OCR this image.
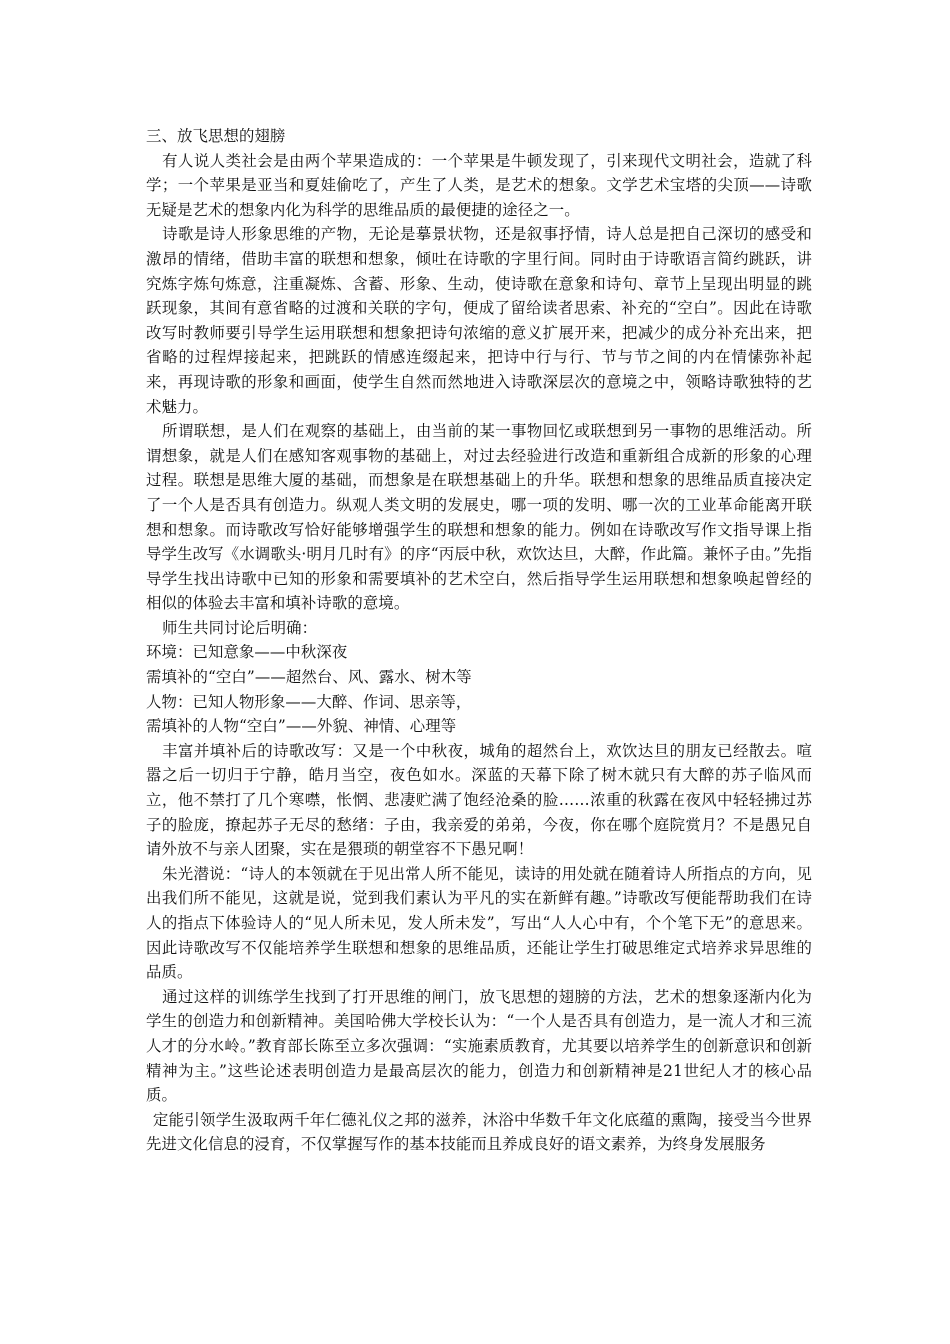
三、放飞思想的翅膀

有人说人类社会是由两个苹果造成的：一个苹果是牛顿发现了，引来现代文明社会，造就了科学；一个苹果是亚当和夏娃偷吃了，产生了人类，是艺术的想象。文学艺术宝塔的尖顶——诗歌无疑是艺术的想象内化为科学的思维品质的最便捷的途径之一。

诗歌是诗人形象思维的产物，无论是摹景状物，还是叙事抒情，诗人总是把自己深切的感受和激昂的情绪，借助丰富的联想和想象，倾吐在诗歌的字里行间。同时由于诗歌语言简约跳跃，讲究炼字炼句炼意，注重凝炼、含蓄、形象、生动，使诗歌在意象和诗句、章节上呈现出明显的跳跃现象，其间有意省略的过渡和关联的字句，便成了留给读者思索、补充的“空白”。因此在诗歌改写时教师要引导学生运用联想和想象把诗句浓缩的意义扩展开来，把减少的成分补充出来，把省略的过程焊接起来，把跳跃的情感连缀起来，把诗中行与行、节与节之间的内在情愫弥补起来，再现诗歌的形象和画面，使学生自然而然地进入诗歌深层次的意境之中，领略诗歌独特的艺术魅力。

所谓联想，是人们在观察的基础上，由当前的某一事物回忆或联想到另一事物的思维活动。所谓想象，就是人们在感知客观事物的基础上，对过去经验进行改造和重新组合成新的形象的心理过程。联想是思维大厦的基础，而想象是在联想基础上的升华。联想和想象的思维品质直接决定了一个人是否具有创造力。纵观人类文明的发展史，哪一项的发明、哪一次的工业革命能离开联想和想象。而诗歌改写恰好能够增强学生的联想和想象的能力。例如在诗歌改写作文指导课上指导学生改写《水调歌头·明月几时有》的序“丙辰中秋，欢饮达旦，大醉，作此篇。兼怀子由。”先指导学生找出诗歌中已知的形象和需要填补的艺术空白，然后指导学生运用联想和想象唤起曾经的相似的体验去丰富和填补诗歌的意境。

师生共同讨论后明确：

环境：已知意象——中秋深夜

需填补的“空白”——超然台、风、露水、树木等

人物：已知人物形象——大醉、作词、思亲等，

需填补的人物“空白”——外貌、神情、心理等

丰富并填补后的诗歌改写：又是一个中秋夜，城角的超然台上，欢饮达旦的朋友已经散去。喧嚣之后一切归于宁静，皓月当空，夜色如水。深蓝的天幕下除了树木就只有大醉的苏子临风而立，他不禁打了几个寒噤，怅惘、悲凄贮满了饱经沧桑的脸……浓重的秋露在夜风中轻轻拂过苏子的脸庞，撩起苏子无尽的愁绪：子由，我亲爱的弟弟，今夜，你在哪个庭院赏月？不是愚兄自请外放不与亲人团聚，实在是猥琐的朝堂容不下愚兄啊！

朱光潜说：“诗人的本领就在于见出常人所不能见，读诗的用处就在随着诗人所指点的方向，见出我们所不能见，这就是说，觉到我们素认为平凡的实在新鲜有趣。”诗歌改写便能帮助我们在诗人的指点下体验诗人的“见人所未见，发人所未发”，写出“人人心中有，个个笔下无”的意思来。因此诗歌改写不仅能培养学生联想和想象的思维品质，还能让学生打破思维定式培养求异思维的品质。

通过这样的训练学生找到了打开思维的闸门，放飞思想的翅膀的方法，艺术的想象逐渐内化为学生的创造力和创新精神。美国哈佛大学校长认为：“一个人是否具有创造力，是一流人才和三流人才的分水岭。”教育部长陈至立多次强调：“实施素质教育，尤其要以培养学生的创新意识和创新精神为主。”这些论述表明创造力是最高层次的能力，创造力和创新精神是21世纪人才的核心品质。

定能引领学生汲取两千年仁德礼仪之邦的滋养，沐浴中华数千年文化底蕴的熏陶，接受当今世界先进文化信息的浸育，不仅掌握写作的基本技能而且养成良好的语文素养，为终身发展服务
